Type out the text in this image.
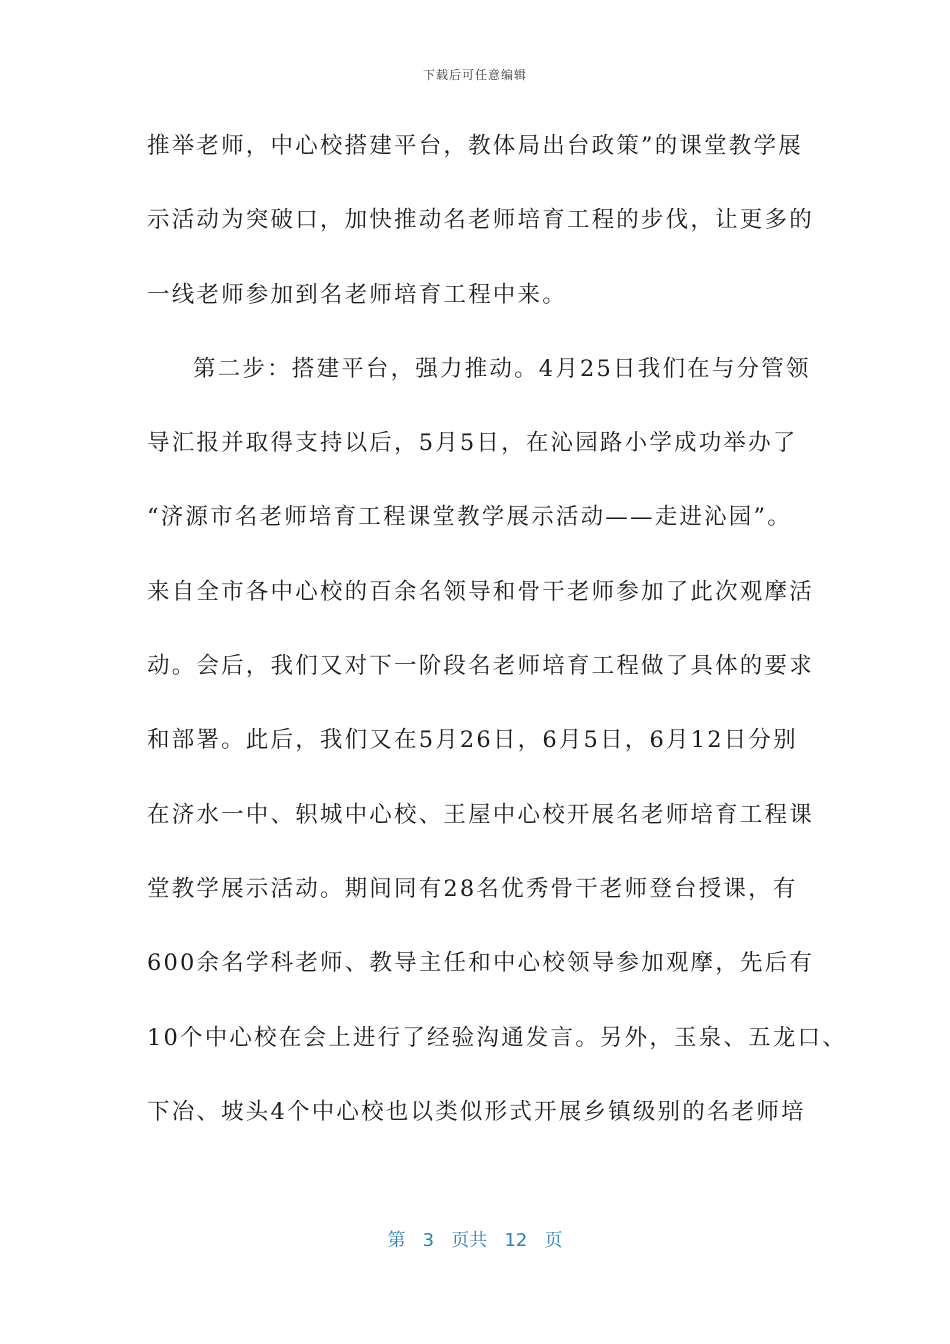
下载后可任意编辑
推举老师，中心校搭建平台，教体局出台政策”的课堂教学展
示活动为突破口，加快推动名老师培育工程的步伐，让更多的
一线老师参加到名老师培育工程中来。
第二步：搭建平台，强力推动。4月25日我们在与分管领
导汇报并取得支持以后，5月5日，在沁园路小学成功举办了
“济源市名老师培育工程课堂教学展示活动——走进沁园”。
来自全市各中心校的百余名领导和骨干老师参加了此次观摩活
动。会后，我们又对下一阶段名老师培育工程做了具体的要求
和部署。此后，我们又在5月26日，6月5日，6月12日分别
在济水一中、轵城中心校、王屋中心校开展名老师培育工程课
堂教学展示活动。期间同有28名优秀骨干老师登台授课，有
600余名学科老师、教导主任和中心校领导参加观摩，先后有
10个中心校在会上进行了经验沟通发言。另外，玉泉、五龙口、
下冶、坡头4个中心校也以类似形式开展乡镇级别的名老师培
第 3 页共 12 页
